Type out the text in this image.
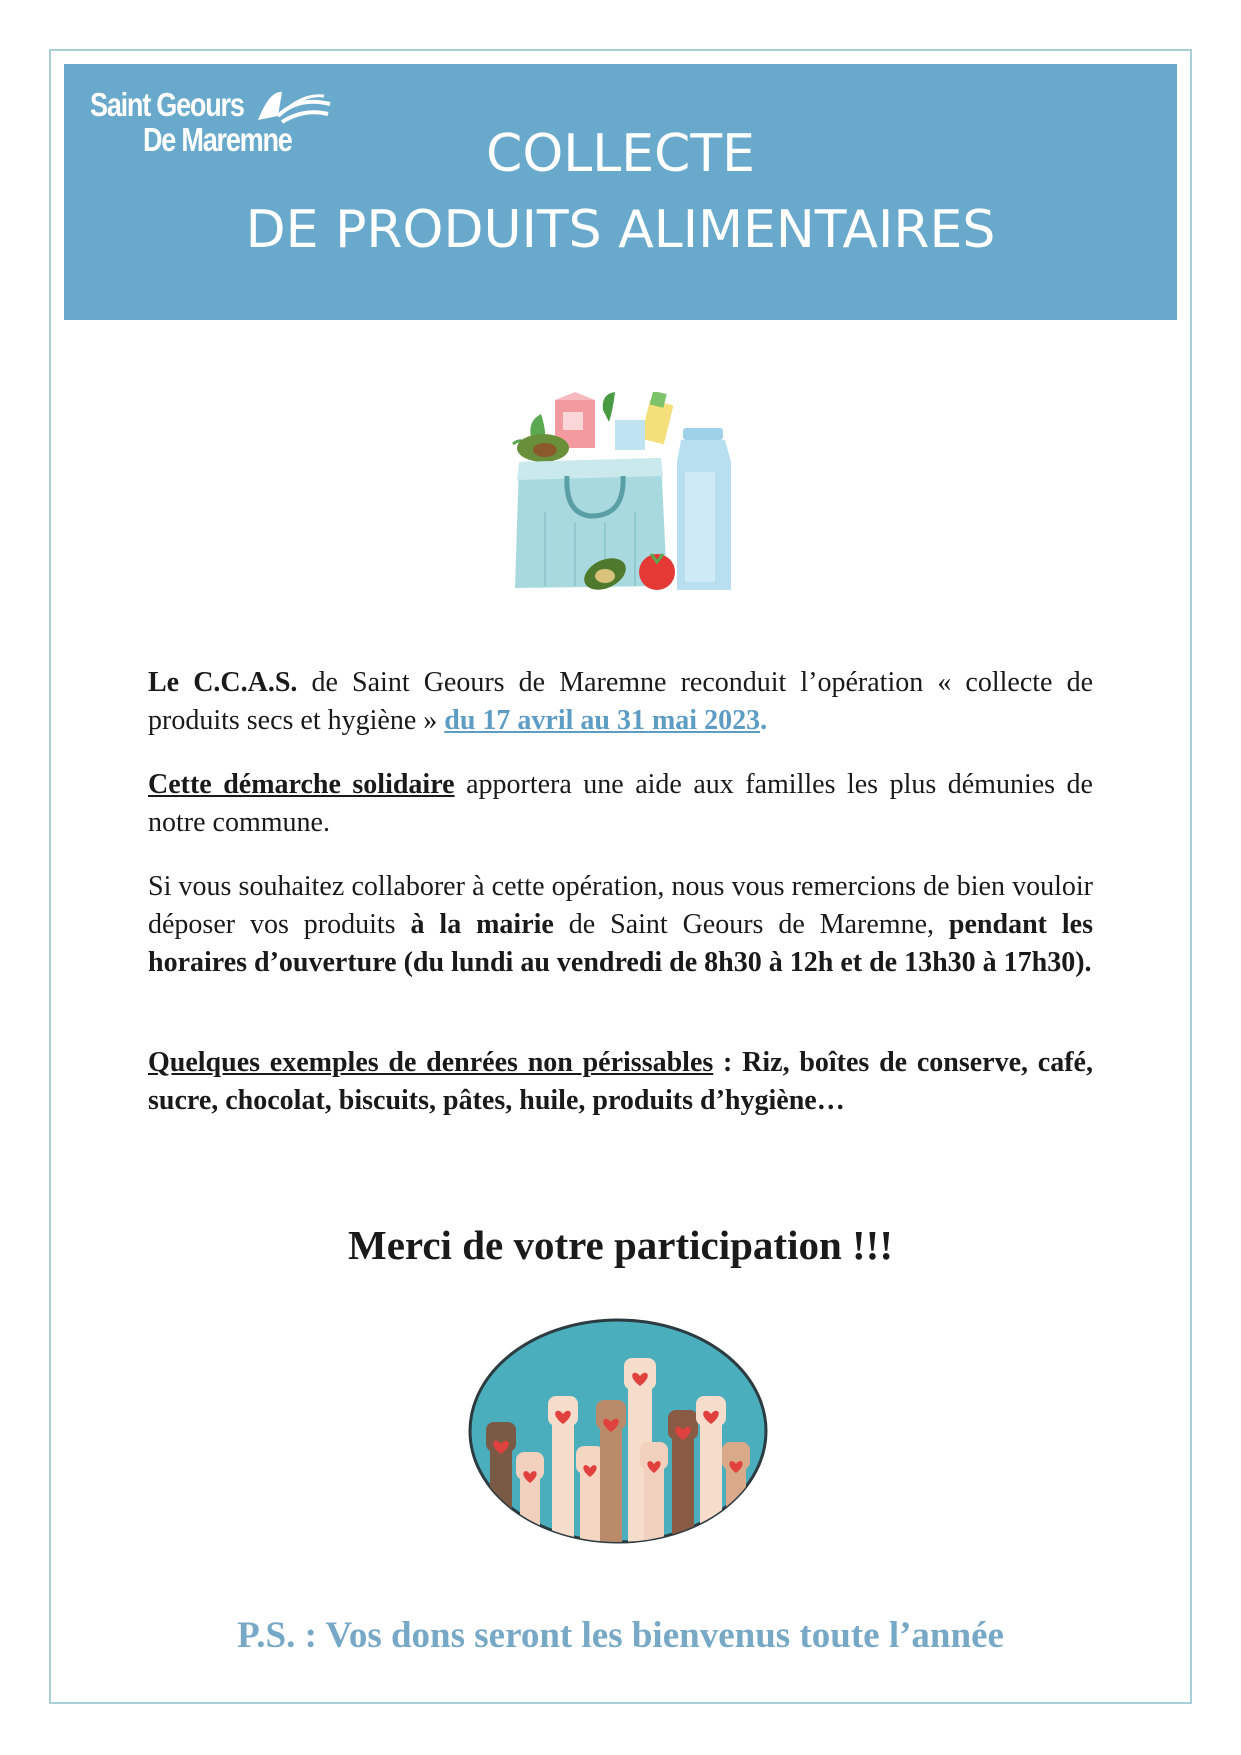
Saint Geours
De Maremne	COLLECTE
DE PRODUITS ALIMENTAIRES

Le C.C.A.S. de Saint Geours de Maremne reconduit l’opération « collecte de produits secs et hygiène » du 17 avril au 31 mai 2023.

Cette démarche solidaire apportera une aide aux familles les plus démunies de notre commune.

Si vous souhaitez collaborer à cette opération, nous vous remercions de bien vouloir déposer vos produits à la mairie de Saint Geours de Maremne, pendant les horaires d’ouverture (du lundi au vendredi de 8h30 à 12h et de 13h30 à 17h30).

Quelques exemples de denrées non périssables : Riz, boîtes de conserve, café, sucre, chocolat, biscuits, pâtes, huile, produits d’hygiène…

Merci de votre participation !!!

P.S. : Vos dons seront les bienvenus toute l’année
